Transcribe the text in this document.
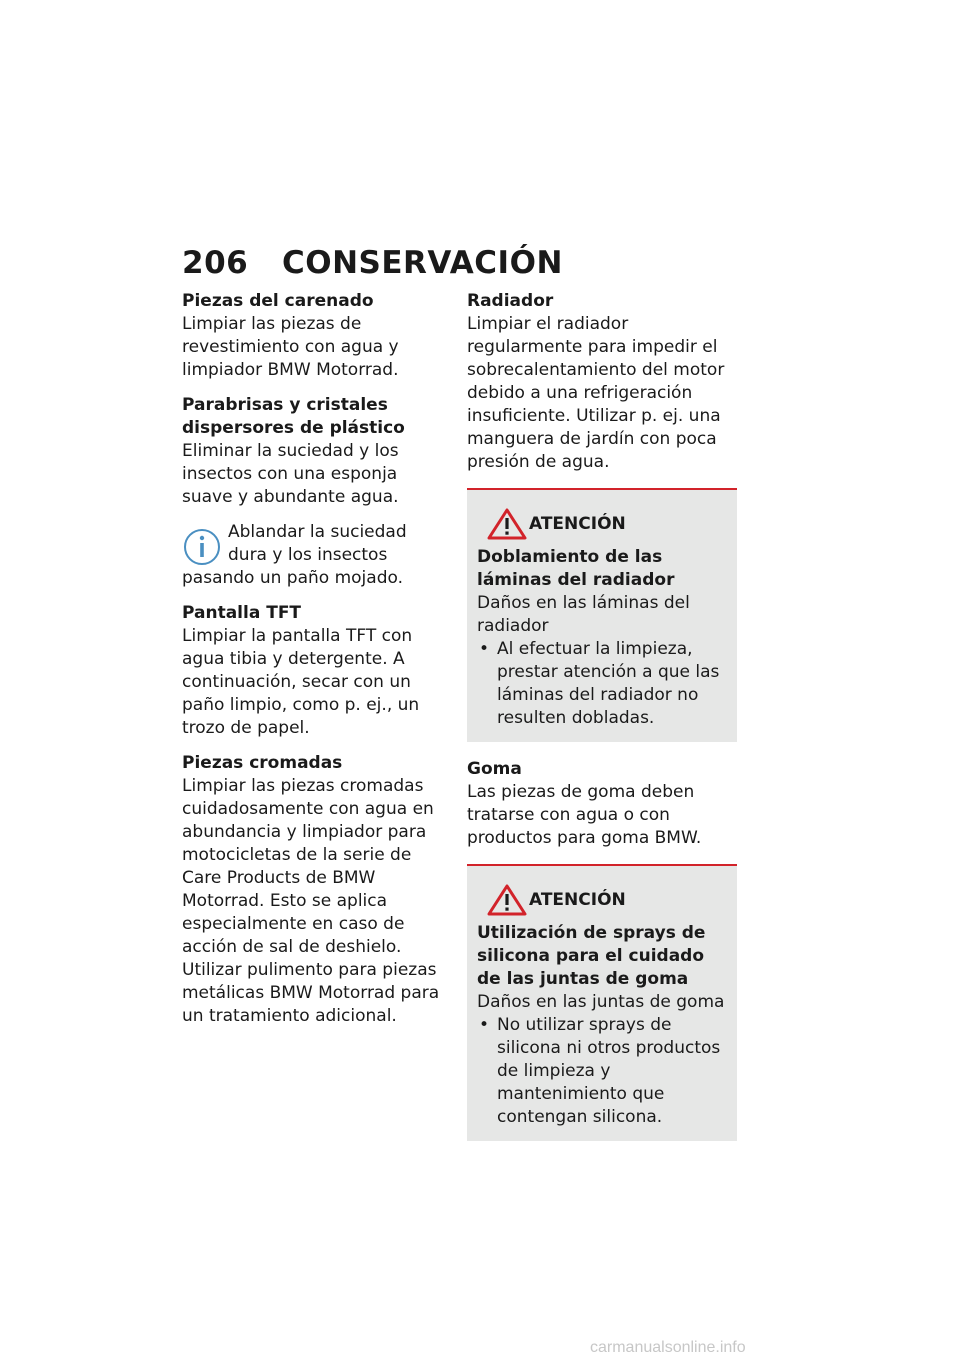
206 CONSERVACIÓN
Piezas del carenado

Limpiar las piezas de revestimiento con agua y limpiador BMW Motorrad.

Parabrisas y cristales dispersores de plástico

Eliminar la suciedad y los insectos con una esponja suave y abundante agua.

Ablandar la suciedad dura y los insectos pasando un paño mojado.

Pantalla TFT

Limpiar la pantalla TFT con agua tibia y detergente. A continuación, secar con un paño limpio, como p. ej., un trozo de papel.

Piezas cromadas

Limpiar las piezas cromadas cuidadosamente con agua en abundancia y limpiador para motocicletas de la serie de Care Products de BMW Motorrad. Esto se aplica especialmente en caso de acción de sal de deshielo. Utilizar pulimento para piezas metálicas BMW Motorrad para un tratamiento adicional.

Radiador

Limpiar el radiador regularmente para impedir el sobrecalentamiento del motor debido a una refrigeración insuficiente. Utilizar p. ej. una manguera de jardín con poca presión de agua.

ATENCIÓN
Doblamiento de las láminas del radiador

Daños en las láminas del radiador

• Al efectuar la limpieza, prestar atención a que las láminas del radiador no resulten dobladas.
Goma

Las piezas de goma deben tratarse con agua o con productos para goma BMW.

ATENCIÓN
Utilización de sprays de silicona para el cuidado de las juntas de goma

Daños en las juntas de goma

• No utilizar sprays de silicona ni otros productos de limpieza y mantenimiento que contengan silicona.
carmanualsonline.info
